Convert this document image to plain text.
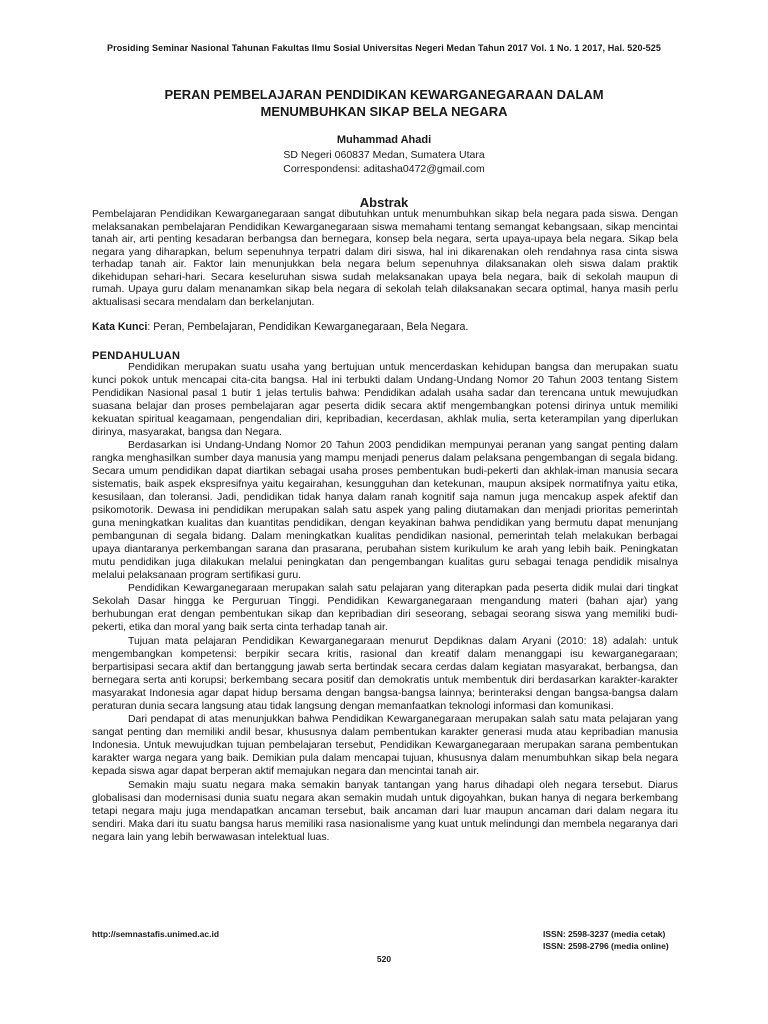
Prosiding Seminar Nasional Tahunan Fakultas Ilmu Sosial Universitas Negeri Medan Tahun 2017 Vol. 1 No. 1 2017, Hal. 520-525
PERAN PEMBELAJARAN PENDIDIKAN KEWARGANEGARAAN DALAM
MENUMBUHKAN SIKAP BELA NEGARA
Muhammad Ahadi
SD Negeri 060837 Medan, Sumatera Utara
Correspondensi: aditasha0472@gmail.com
Abstrak

Pembelajaran Pendidikan Kewarganegaraan sangat dibutuhkan untuk menumbuhkan sikap bela negara pada siswa. Dengan melaksanakan pembelajaran Pendidikan Kewarganegaraan siswa memahami tentang semangat kebangsaan, sikap mencintai tanah air, arti penting kesadaran berbangsa dan bernegara, konsep bela negara, serta upaya-upaya bela negara. Sikap bela negara yang diharapkan, belum sepenuhnya terpatri dalam diri siswa, hal ini dikarenakan oleh rendahnya rasa cinta siswa terhadap tanah air. Faktor lain menunjukkan bela negara belum sepenuhnya dilaksanakan oleh siswa dalam praktik dikehidupan sehari-hari. Secara keseluruhan siswa sudah melaksanakan upaya bela negara, baik di sekolah maupun di rumah. Upaya guru dalam menanamkan sikap bela negara di sekolah telah dilaksanakan secara optimal, hanya masih perlu aktualisasi secara mendalam dan berkelanjutan.

Kata Kunci: Peran, Pembelajaran, Pendidikan Kewarganegaraan, Bela Negara.

PENDAHULUAN

Pendidikan merupakan suatu usaha yang bertujuan untuk mencerdaskan kehidupan bangsa dan merupakan suatu kunci pokok untuk mencapai cita-cita bangsa. Hal ini terbukti dalam Undang-Undang Nomor 20 Tahun 2003 tentang Sistem Pendidikan Nasional pasal 1 butir 1 jelas tertulis bahwa: Pendidikan adalah usaha sadar dan terencana untuk mewujudkan suasana belajar dan proses pembelajaran agar peserta didik secara aktif mengembangkan potensi dirinya untuk memiliki kekuatan spiritual keagamaan, pengendalian diri, kepribadian, kecerdasan, akhlak mulia, serta keterampilan yang diperlukan dirinya, masyarakat, bangsa dan Negara.

Berdasarkan isi Undang-Undang Nomor 20 Tahun 2003 pendidikan mempunyai peranan yang sangat penting dalam rangka menghasilkan sumber daya manusia yang mampu menjadi penerus dalam pelaksana pengembangan di segala bidang. Secara umum pendidikan dapat diartikan sebagai usaha proses pembentukan budi-pekerti dan akhlak-iman manusia secara sistematis, baik aspek ekspresifnya yaitu kegairahan, kesungguhan dan ketekunan, maupun aksipek normatifnya yaitu etika, kesusilaan, dan toleransi. Jadi, pendidikan tidak hanya dalam ranah kognitif saja namun juga mencakup aspek afektif dan psikomotorik. Dewasa ini pendidikan merupakan salah satu aspek yang paling diutamakan dan menjadi prioritas pemerintah guna meningkatkan kualitas dan kuantitas pendidikan, dengan keyakinan bahwa pendidikan yang bermutu dapat menunjang pembangunan di segala bidang. Dalam meningkatkan kualitas pendidikan nasional, pemerintah telah melakukan berbagai upaya diantaranya perkembangan sarana dan prasarana, perubahan sistem kurikulum ke arah yang lebih baik. Peningkatan mutu pendidikan juga dilakukan melalui peningkatan dan pengembangan kualitas guru sebagai tenaga pendidik misalnya melalui pelaksanaan program sertifikasi guru.

Pendidikan Kewarganegaraan merupakan salah satu pelajaran yang diterapkan pada peserta didik mulai dari tingkat Sekolah Dasar hingga ke Perguruan Tinggi. Pendidikan Kewarganegaraan mengandung materi (bahan ajar) yang berhubungan erat dengan pembentukan sikap dan kepribadian diri seseorang, sebagai seorang siswa yang memiliki budi-pekerti, etika dan moral yang baik serta cinta terhadap tanah air.

Tujuan mata pelajaran Pendidikan Kewarganegaraan menurut Depdiknas dalam Aryani (2010: 18) adalah: untuk mengembangkan kompetensi: berpikir secara kritis, rasional dan kreatif dalam menanggapi isu kewarganegaraan; berpartisipasi secara aktif dan bertanggung jawab serta bertindak secara cerdas dalam kegiatan masyarakat, berbangsa, dan bernegara serta anti korupsi; berkembang secara positif dan demokratis untuk membentuk diri berdasarkan karakter-karakter masyarakat Indonesia agar dapat hidup bersama dengan bangsa-bangsa lainnya; berinteraksi dengan bangsa-bangsa dalam peraturan dunia secara langsung atau tidak langsung dengan memanfaatkan teknologi informasi dan komunikasi.

Dari pendapat di atas menunjukkan bahwa Pendidikan Kewarganegaraan merupakan salah satu mata pelajaran yang sangat penting dan memiliki andil besar, khususnya dalam pembentukan karakter generasi muda atau kepribadian manusia Indonesia. Untuk mewujudkan tujuan pembelajaran tersebut, Pendidikan Kewarganegaraan merupakan sarana pembentukan karakter warga negara yang baik. Demikian pula dalam mencapai tujuan, khususnya dalam menumbuhkan sikap bela negara kepada siswa agar dapat berperan aktif memajukan negara dan mencintai tanah air.

Semakin maju suatu negara maka semakin banyak tantangan yang harus dihadapi oleh negara tersebut. Diarus globalisasi dan modernisasi dunia suatu negara akan semakin mudah untuk digoyahkan, bukan hanya di negara berkembang tetapi negara maju juga mendapatkan ancaman tersebut, baik ancaman dari luar maupun ancaman dari dalam negara itu sendiri. Maka dari itu suatu bangsa harus memiliki rasa nasionalisme yang kuat untuk melindungi dan membela negaranya dari negara lain yang lebih berwawasan intelektual luas.

http://semnastafis.unimed.ac.id	ISSN: 2598-3237 (media cetak)
ISSN: 2598-2796 (media online)
520
